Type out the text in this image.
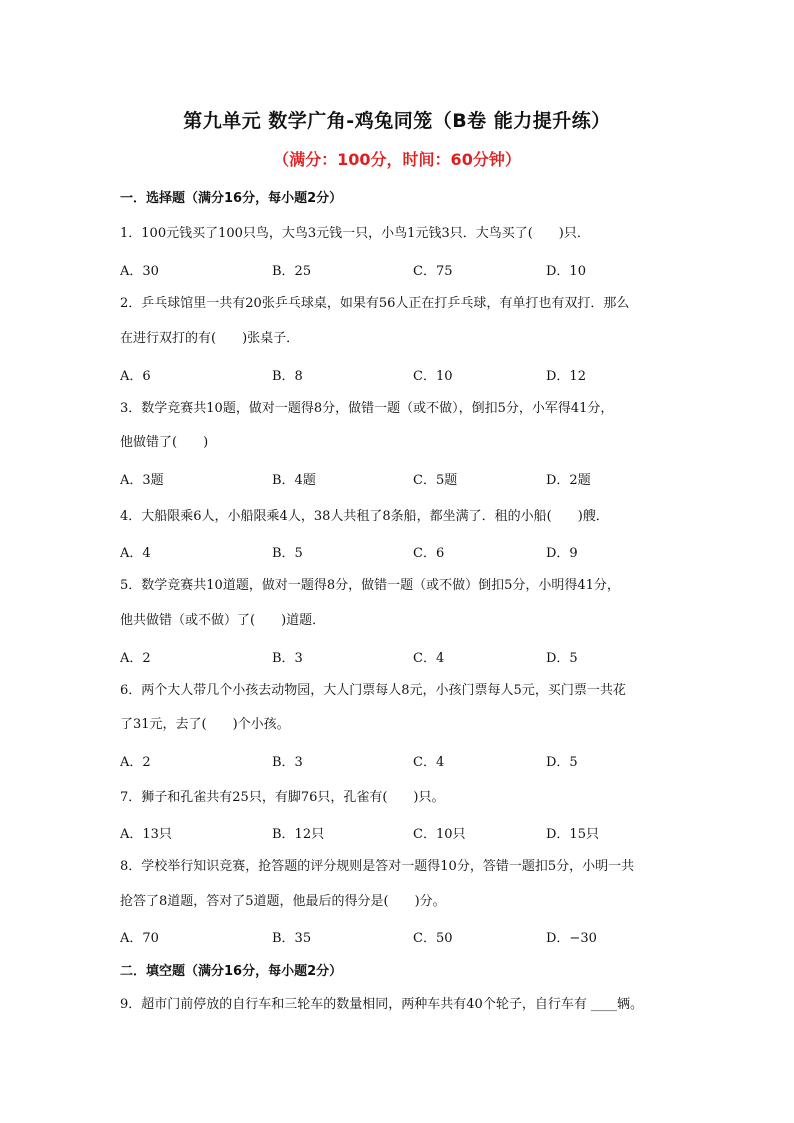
第九单元 数学广角-鸡兔同笼（B卷 能力提升练）
（满分：100分，时间：60分钟）
一．选择题（满分16分，每小题2分）
1．100元钱买了100只鸟，大鸟3元钱一只，小鸟1元钱3只．大鸟买了(　　)只．
A．30	B．25	C．75	D．10
2．乒乓球馆里一共有20张乒乓球桌，如果有56人正在打乒乓球，有单打也有双打．那么
在进行双打的有(　　)张桌子．
A．6	B．8	C．10	D．12
3．数学竞赛共10题，做对一题得8分，做错一题（或不做），倒扣5分，小军得41分，
他做错了(　　)
A．3题	B．4题	C．5题	D．2题
4．大船限乘6人，小船限乘4人，38人共租了8条船，都坐满了．租的小船(　　)艘．
A．4	B．5	C．6	D．9
5．数学竞赛共10道题，做对一题得8分，做错一题（或不做）倒扣5分，小明得41分，
他共做错（或不做）了(　　)道题．
A．2	B．3	C．4	D．5
6．两个大人带几个小孩去动物园，大人门票每人8元，小孩门票每人5元，买门票一共花
了31元，去了(　　)个小孩。
A．2	B．3	C．4	D．5
7．狮子和孔雀共有25只，有脚76只，孔雀有(　　)只。
A．13只	B．12只	C．10只	D．15只
8．学校举行知识竞赛，抢答题的评分规则是答对一题得10分，答错一题扣5分，小明一共
抢答了8道题，答对了5道题，他最后的得分是(　　)分。
A．70	B．35	C．50	D．−30
二．填空题（满分16分，每小题2分）
9．超市门前停放的自行车和三轮车的数量相同，两种车共有40个轮子，自行车有 ____辆。
